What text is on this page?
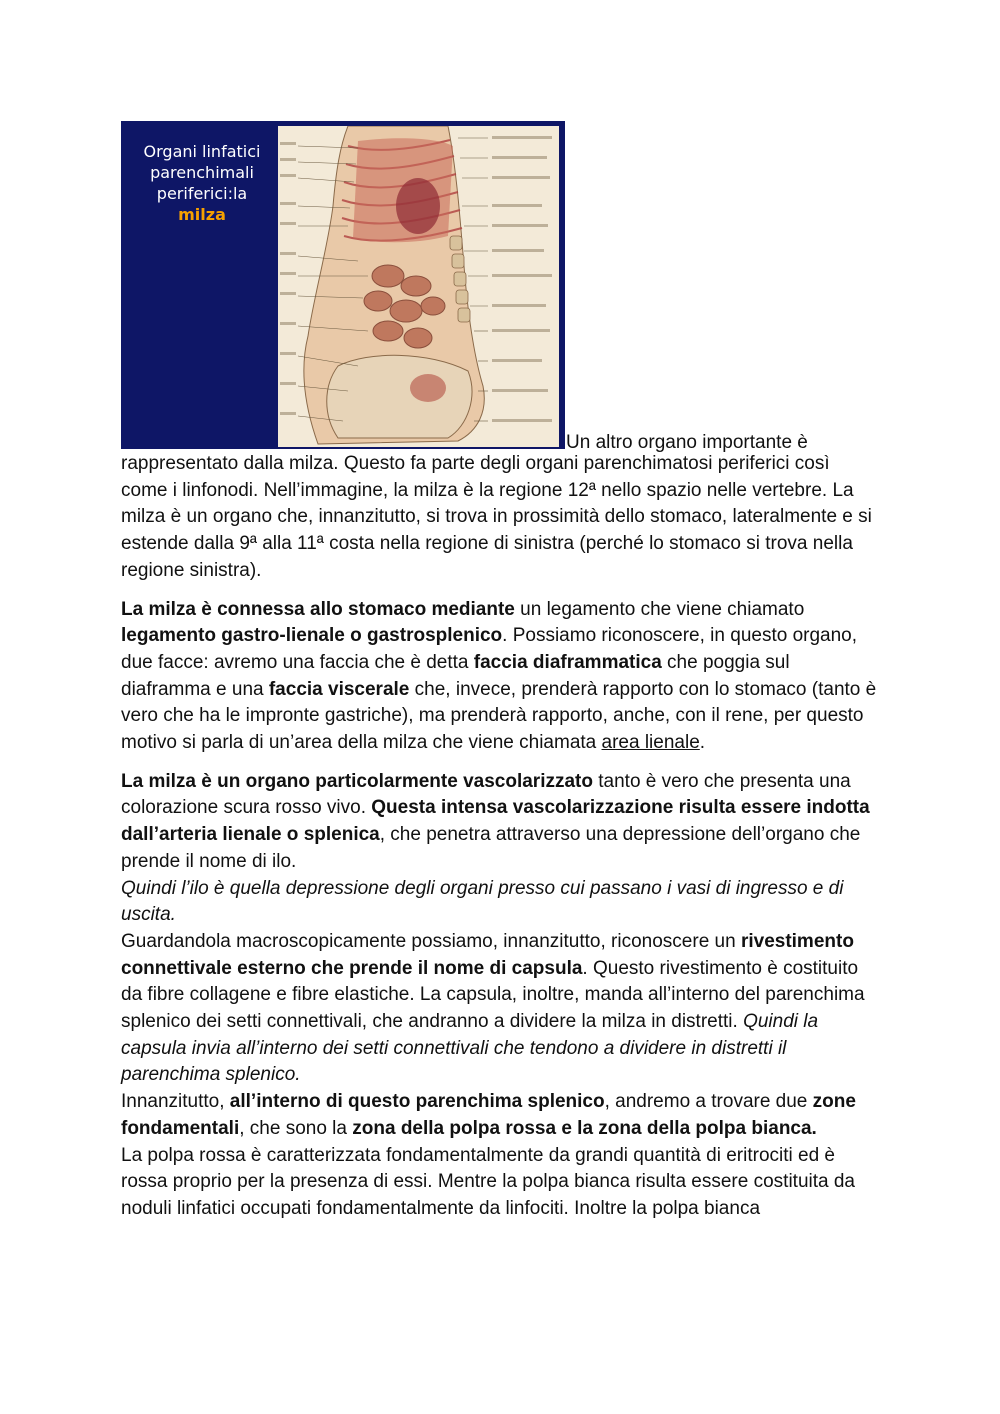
Organi linfatici
parenchimali
periferici:la
milza
Un altro organo importante è

rappresentato dalla milza. Questo fa parte degli organi parenchimatosi periferici così come i linfonodi. Nell’immagine, la milza è la regione 12ª nello spazio nelle vertebre. La milza è un organo che, innanzitutto, si trova in prossimità dello stomaco, lateralmente e si estende dalla 9ª alla 11ª costa nella regione di sinistra (perché lo stomaco si trova nella regione sinistra).

La milza è connessa allo stomaco mediante un legamento che viene chiamato legamento gastro-lienale o gastrosplenico. Possiamo riconoscere, in questo organo, due facce: avremo una faccia che è detta faccia diaframmatica che poggia sul diaframma e una faccia viscerale che, invece, prenderà rapporto con lo stomaco (tanto è vero che ha le impronte gastriche), ma prenderà rapporto, anche, con il rene, per questo motivo si parla di un’area della milza che viene chiamata area lienale.

La milza è un organo particolarmente vascolarizzato tanto è vero che presenta una colorazione scura rosso vivo. Questa intensa vascolarizzazione risulta essere indotta dall’arteria lienale o splenica, che penetra attraverso una depressione dell’organo che prende il nome di ilo.
Quindi l’ilo è quella depressione degli organi presso cui passano i vasi di ingresso e di uscita.
Guardandola macroscopicamente possiamo, innanzitutto, riconoscere un rivestimento connettivale esterno che prende il nome di capsula. Questo rivestimento è costituito da fibre collagene e fibre elastiche. La capsula, inoltre, manda all’interno del parenchima splenico dei setti connettivali, che andranno a dividere la milza in distretti. Quindi la capsula invia all’interno dei setti connettivali che tendono a dividere in distretti il parenchima splenico.
Innanzitutto, all’interno di questo parenchima splenico, andremo a trovare due zone fondamentali, che sono la zona della polpa rossa e la zona della polpa bianca.
La polpa rossa è caratterizzata fondamentalmente da grandi quantità di eritrociti ed è rossa proprio per la presenza di essi. Mentre la polpa bianca risulta essere costituita da noduli linfatici occupati fondamentalmente da linfociti. Inoltre la polpa bianca
